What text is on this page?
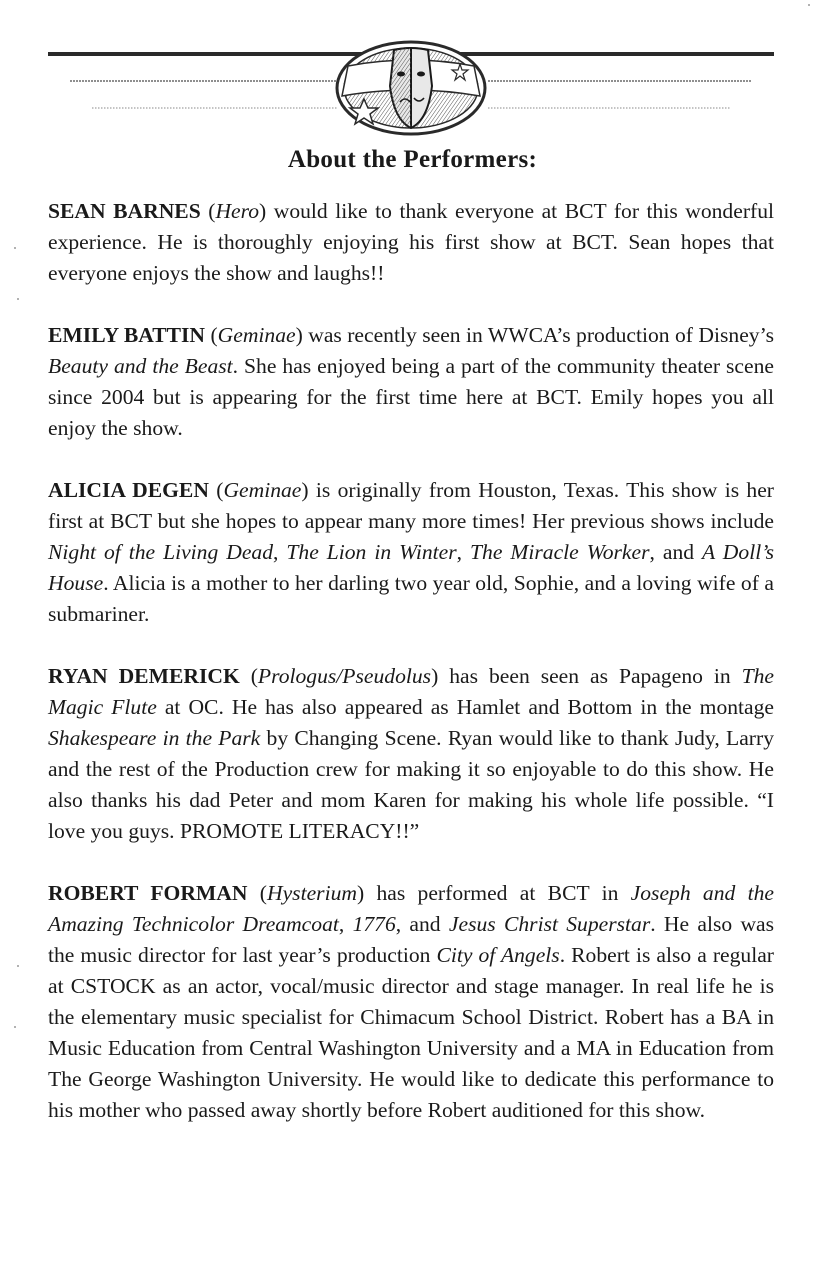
About the Performers:

SEAN BARNES (Hero) would like to thank everyone at BCT for this wonderful experience. He is thoroughly enjoying his first show at BCT. Sean hopes that everyone enjoys the show and laughs!!

EMILY BATTIN (Geminae) was recently seen in WWCA’s production of Disney’s Beauty and the Beast. She has enjoyed being a part of the community theater scene since 2004 but is appearing for the first time here at BCT. Emily hopes you all enjoy the show.

ALICIA DEGEN (Geminae) is originally from Houston, Texas. This show is her first at BCT but she hopes to appear many more times! Her previous shows include Night of the Living Dead, The Lion in Winter, The Miracle Worker, and A Doll’s House. Alicia is a mother to her darling two year old, Sophie, and a loving wife of a submariner.

RYAN DEMERICK (Prologus/Pseudolus) has been seen as Papageno in The Magic Flute at OC. He has also appeared as Hamlet and Bottom in the montage Shakespeare in the Park by Changing Scene. Ryan would like to thank Judy, Larry and the rest of the Production crew for making it so enjoyable to do this show. He also thanks his dad Peter and mom Karen for making his whole life possible. “I love you guys. PROMOTE LITERACY!!”

ROBERT FORMAN (Hysterium) has performed at BCT in Joseph and the Amazing Technicolor Dreamcoat, 1776, and Jesus Christ Superstar. He also was the music director for last year’s production City of Angels. Robert is also a regular at CSTOCK as an actor, vocal/music director and stage manager. In real life he is the elementary music specialist for Chimacum School District. Robert has a BA in Music Education from Central Washington University and a MA in Education from The George Washington University. He would like to dedicate this performance to his mother who passed away shortly before Robert auditioned for this show.
